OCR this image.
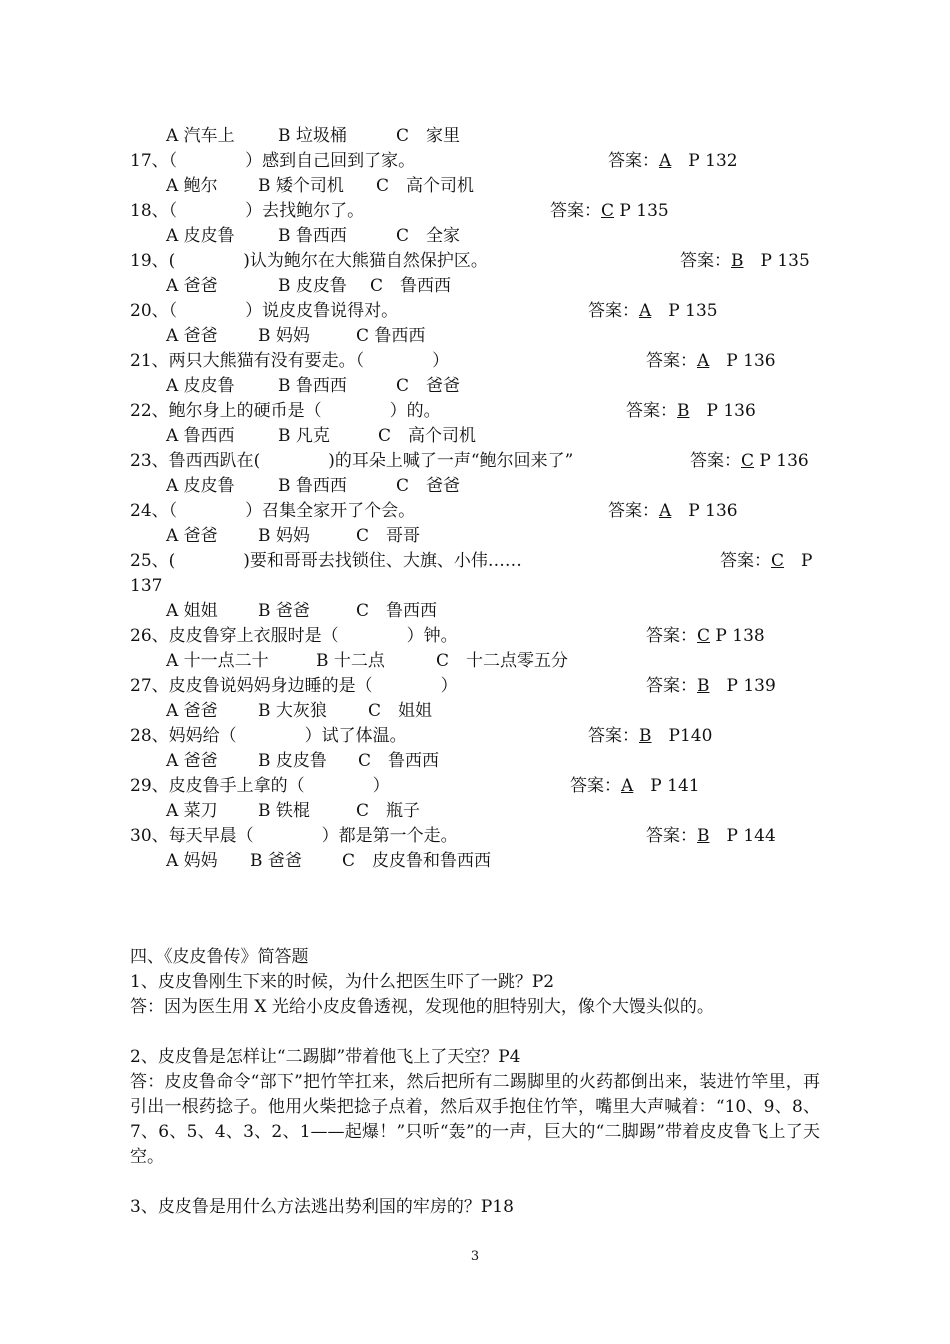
A 汽车上	B 垃圾桶	C　家里
17、（　　　　）感到自己回到了家。	答案：A　P 132
A 鲍尔 B 矮个司机 C　高个司机
18、（　　　　）去找鲍尔了。	答案：C P 135
A 皮皮鲁	B 鲁西西	C　全家
19、(　　　　)认为鲍尔在大熊猫自然保护区。	答案：B　P 135
A 爸爸	B 皮皮鲁 C　鲁西西
20、（　　　　）说皮皮鲁说得对。	答案：A　P 135
A 爸爸 B 妈妈	C 鲁西西
21、两只大熊猫有没有要走。（　　　　）	答案：A　P 136
A 皮皮鲁	B 鲁西西	C　爸爸
22、鲍尔身上的硬币是（　　　　）的。	答案：B　P 136
A 鲁西西	B 凡克	C　高个司机
23、鲁西西趴在(　　　　)的耳朵上喊了一声“鲍尔回来了”	答案：C P 136
A 皮皮鲁	B 鲁西西	C　爸爸
24、（　　　　）召集全家开了个会。	答案：A　P 136
A 爸爸 B 妈妈	C　哥哥
25、(　　　　)要和哥哥去找锁住、大旗、小伟……	答案：C　P
137
A 姐姐 B 爸爸	C　鲁西西
26、皮皮鲁穿上衣服时是（　　　　）钟。	答案：C P 138
A 十一点二十	B 十二点	C　十二点零五分
27、皮皮鲁说妈妈身边睡的是（　　　　）	答案：B　P 139
A 爸爸 B 大灰狼 C　姐姐
28、妈妈给（　　　　）试了体温。	答案：B　P140
A 爸爸 B 皮皮鲁 C　鲁西西
29、皮皮鲁手上拿的（　　　　）	答案：A　P 141
A 菜刀 B 铁棍	C　瓶子
30、每天早晨（　　　　）都是第一个走。	答案：B　P 144
A 妈妈 B 爸爸 C　皮皮鲁和鲁西西

四、《皮皮鲁传》简答题

1、皮皮鲁刚生下来的时候，为什么把医生吓了一跳？P2

答：因为医生用 X 光给小皮皮鲁透视，发现他的胆特别大，像个大馒头似的。

2、皮皮鲁是怎样让“二踢脚”带着他飞上了天空？P4

答：皮皮鲁命令“部下”把竹竿扛来，然后把所有二踢脚里的火药都倒出来，装进竹竿里，再引出一根药捻子。他用火柴把捻子点着，然后双手抱住竹竿，嘴里大声喊着：“10、9、8、7、6、5、4、3、2、1——起爆！”只听“轰”的一声，巨大的“二脚踢”带着皮皮鲁飞上了天空。

3、皮皮鲁是用什么方法逃出势利国的牢房的？P18

3
